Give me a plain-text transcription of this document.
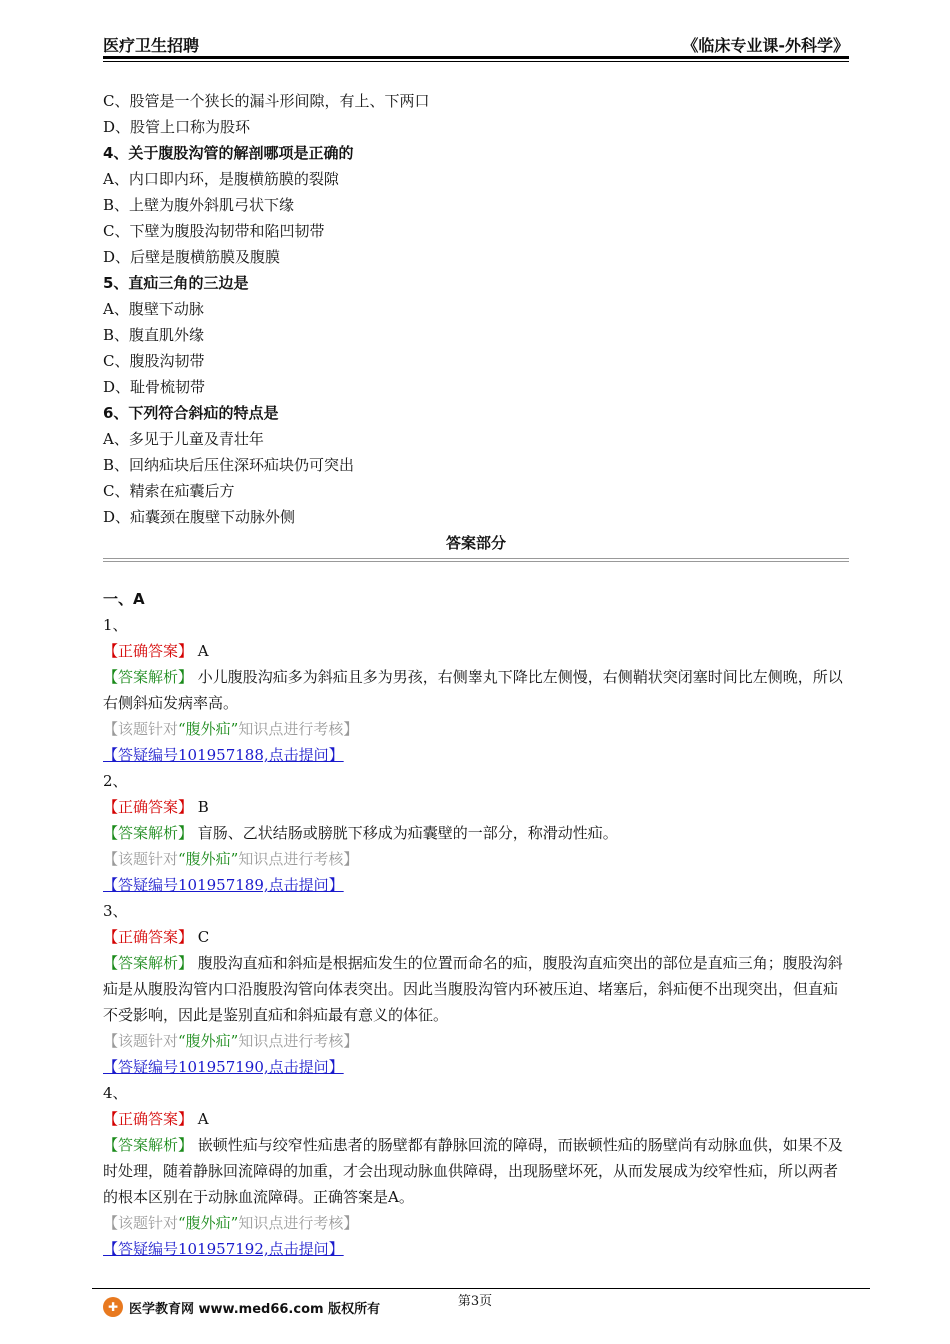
医疗卫生招聘	《临床专业课-外科学》
C、股管是一个狭长的漏斗形间隙，有上、下两口
D、股管上口称为股环
4、关于腹股沟管的解剖哪项是正确的
A、内口即内环，是腹横筋膜的裂隙
B、上壁为腹外斜肌弓状下缘
C、下壁为腹股沟韧带和陷凹韧带
D、后壁是腹横筋膜及腹膜
5、直疝三角的三边是
A、腹壁下动脉
B、腹直肌外缘
C、腹股沟韧带
D、耻骨梳韧带
6、下列符合斜疝的特点是
A、多见于儿童及青壮年
B、回纳疝块后压住深环疝块仍可突出
C、精索在疝囊后方
D、疝囊颈在腹壁下动脉外侧
答案部分
一、A
1、
【正确答案】 A
【答案解析】 小儿腹股沟疝多为斜疝且多为男孩，右侧睾丸下降比左侧慢，右侧鞘状突闭塞时间比左侧晚，所以右侧斜疝发病率高。
【该题针对“腹外疝”知识点进行考核】
【答疑编号101957188,点击提问】
2、
【正确答案】 B
【答案解析】 盲肠、乙状结肠或膀胱下移成为疝囊壁的一部分，称滑动性疝。
【该题针对“腹外疝”知识点进行考核】
【答疑编号101957189,点击提问】
3、
【正确答案】 C
【答案解析】 腹股沟直疝和斜疝是根据疝发生的位置而命名的疝，腹股沟直疝突出的部位是直疝三角；腹股沟斜疝是从腹股沟管内口沿腹股沟管向体表突出。因此当腹股沟管内环被压迫、堵塞后，斜疝便不出现突出，但直疝不受影响，因此是鉴别直疝和斜疝最有意义的体征。
【该题针对“腹外疝”知识点进行考核】
【答疑编号101957190,点击提问】
4、
【正确答案】 A
【答案解析】 嵌顿性疝与绞窄性疝患者的肠壁都有静脉回流的障碍，而嵌顿性疝的肠壁尚有动脉血供，如果不及时处理，随着静脉回流障碍的加重，才会出现动脉血供障碍，出现肠壁坏死，从而发展成为绞窄性疝，所以两者的根本区别在于动脉血流障碍。正确答案是A。
【该题针对“腹外疝”知识点进行考核】
【答疑编号101957192,点击提问】
第3页
✚ 医学教育网 www.med66.com 版权所有
